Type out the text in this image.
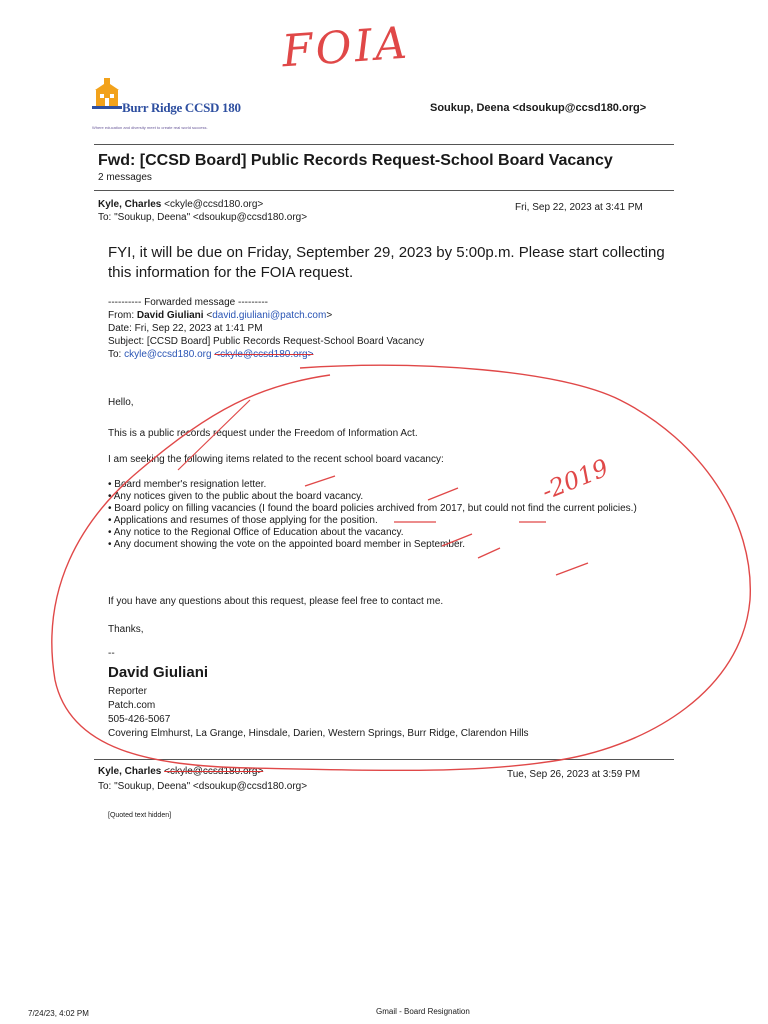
FOIA
Burr Ridge CCSD 180
Where education and diversity meet to create real world success.
Soukup, Deena <dsoukup@ccsd180.org>
Fwd: [CCSD Board] Public Records Request-School Board Vacancy
2 messages
Kyle, Charles <ckyle@ccsd180.org>
To: "Soukup, Deena" <dsoukup@ccsd180.org>
Fri, Sep 22, 2023 at 3:41 PM
FYI, it will be due on Friday, September 29, 2023 by 5:00p.m. Please start collecting this information for the FOIA request.
---------- Forwarded message ---------
From: David Giuliani <david.giuliani@patch.com>
Date: Fri, Sep 22, 2023 at 1:41 PM
Subject: [CCSD Board] Public Records Request-School Board Vacancy
To: ckyle@ccsd180.org <ckyle@ccsd180.org>
Hello,
This is a public records request under the Freedom of Information Act.
I am seeking the following items related to the recent school board vacancy:
• Board member's resignation letter.
• Any notices given to the public about the board vacancy.
• Board policy on filling vacancies (I found the board policies archived from 2017, but could not find the current policies.)
• Applications and resumes of those applying for the position.
• Any notice to the Regional Office of Education about the vacancy.
• Any document showing the vote on the appointed board member in September.
If you have any questions about this request, please feel free to contact me.
Thanks,
--
David Giuliani
Reporter
Patch.com
505-426-5067
Covering Elmhurst, La Grange, Hinsdale, Darien, Western Springs, Burr Ridge, Clarendon Hills
Kyle, Charles <ckyle@ccsd180.org>
To: "Soukup, Deena" <dsoukup@ccsd180.org>
Tue, Sep 26, 2023 at 3:59 PM
[Quoted text hidden]
7/24/23, 4:02 PM	Gmail - Board Resignation
-2019
